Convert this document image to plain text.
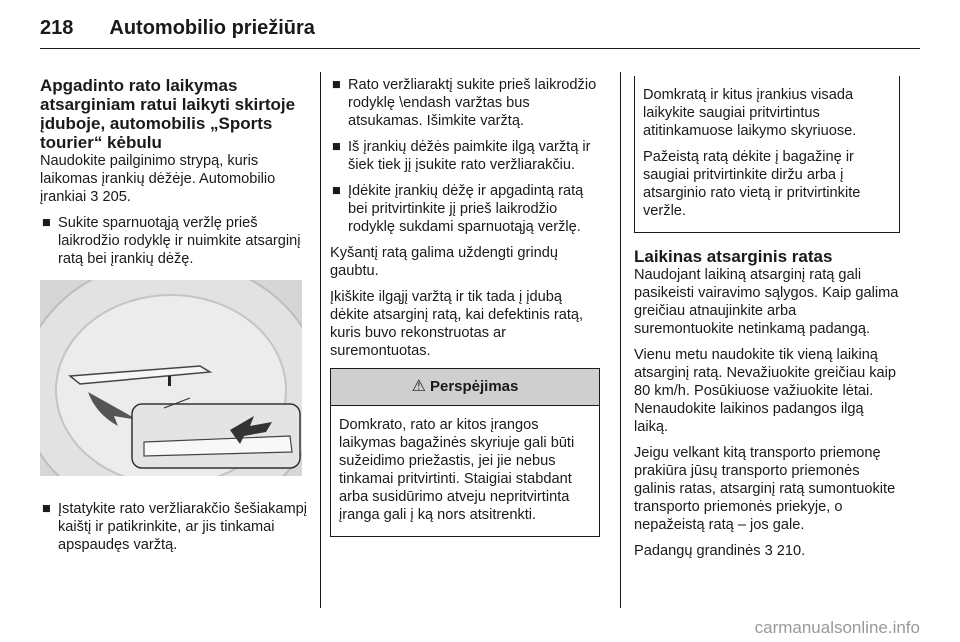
218 Automobilio priežiūra
Apgadinto rato laikymas atsarginiam ratui laikyti skirtoje įduboje, automobilis „Sports tourier“ kėbulu

Naudokite pailginimo strypą, kuris laikomas įrankių dėžėje. Automobilio įrankiai 3 205.

■ Sukite sparnuotąją veržlę prieš laikrodžio rodyklę ir nuimkite atsarginį ratą bei įrankių dėžę.
■ Įstatykite rato veržliarakčio šešiakampį kaištį ir patikrinkite, ar jis tinkamai apspaudęs varžtą.
■ Rato veržliaraktį sukite prieš laikrodžio rodyklę \endash varžtas bus atsukamas. Išimkite varžtą.
■ Iš įrankių dėžės paimkite ilgą varžtą ir šiek tiek jį įsukite rato veržliarakčiu.
■ Įdėkite įrankių dėžę ir apgadintą ratą bei pritvirtinkite jį prieš laikrodžio rodyklę sukdami sparnuotąją veržlę.

Kyšantį ratą galima uždengti grindų gaubtu.

Įkiškite ilgąjį varžtą ir tik tada į įdubą dėkite atsarginį ratą, kai defektinis ratą, kuris buvo rekonstruotas ar suremontuotas.

⚠ Perspėjimas

Domkrato, rato ar kitos įrangos laikymas bagažinės skyriuje gali būti sužeidimo priežastis, jei jie nebus tinkamai pritvirtinti. Staigiai stabdant arba susidūrimo atveju nepritvirtinta įranga gali į ką nors atsitrenkti.

Domkratą ir kitus įrankius visada laikykite saugiai pritvirtintus atitinkamuose laikymo skyriuose.

Pažeistą ratą dėkite į bagažinę ir saugiai pritvirtinkite diržu arba į atsarginio rato vietą ir pritvirtinkite veržle.

Laikinas atsarginis ratas

Naudojant laikiną atsarginį ratą gali pasikeisti vairavimo sąlygos. Kaip galima greičiau atnaujinkite arba suremontuokite netinkamą padangą.

Vienu metu naudokite tik vieną laikiną atsarginį ratą. Nevažiuokite greičiau kaip 80 km/h. Posūkiuose važiuokite lėtai. Nenaudokite laikinos padangos ilgą laiką.

Jeigu velkant kitą transporto priemonę prakiūra jūsų transporto priemonės galinis ratas, atsarginį ratą sumontuokite transporto priemonės priekyje, o nepažeistą ratą – jos gale.

Padangų grandinės 3 210.

carmanualsonline.info
